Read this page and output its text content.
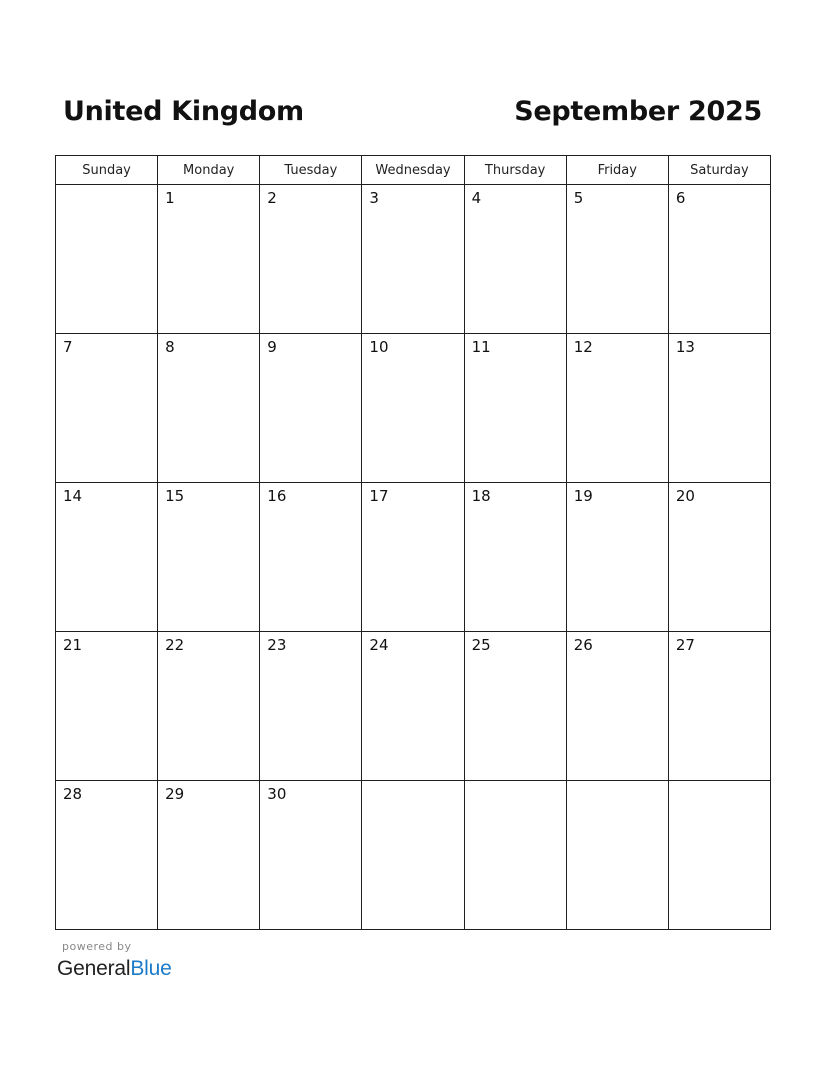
United Kingdom	September 2025
Sunday	Monday	Tuesday	Wednesday	Thursday	Friday	Saturday

	1	2	3	4	5	6

7	8	9	10	11	12	13

14	15	16	17	18	19	20

21	22	23	24	25	26	27

28	29	30				

powered by
GeneralBlue
